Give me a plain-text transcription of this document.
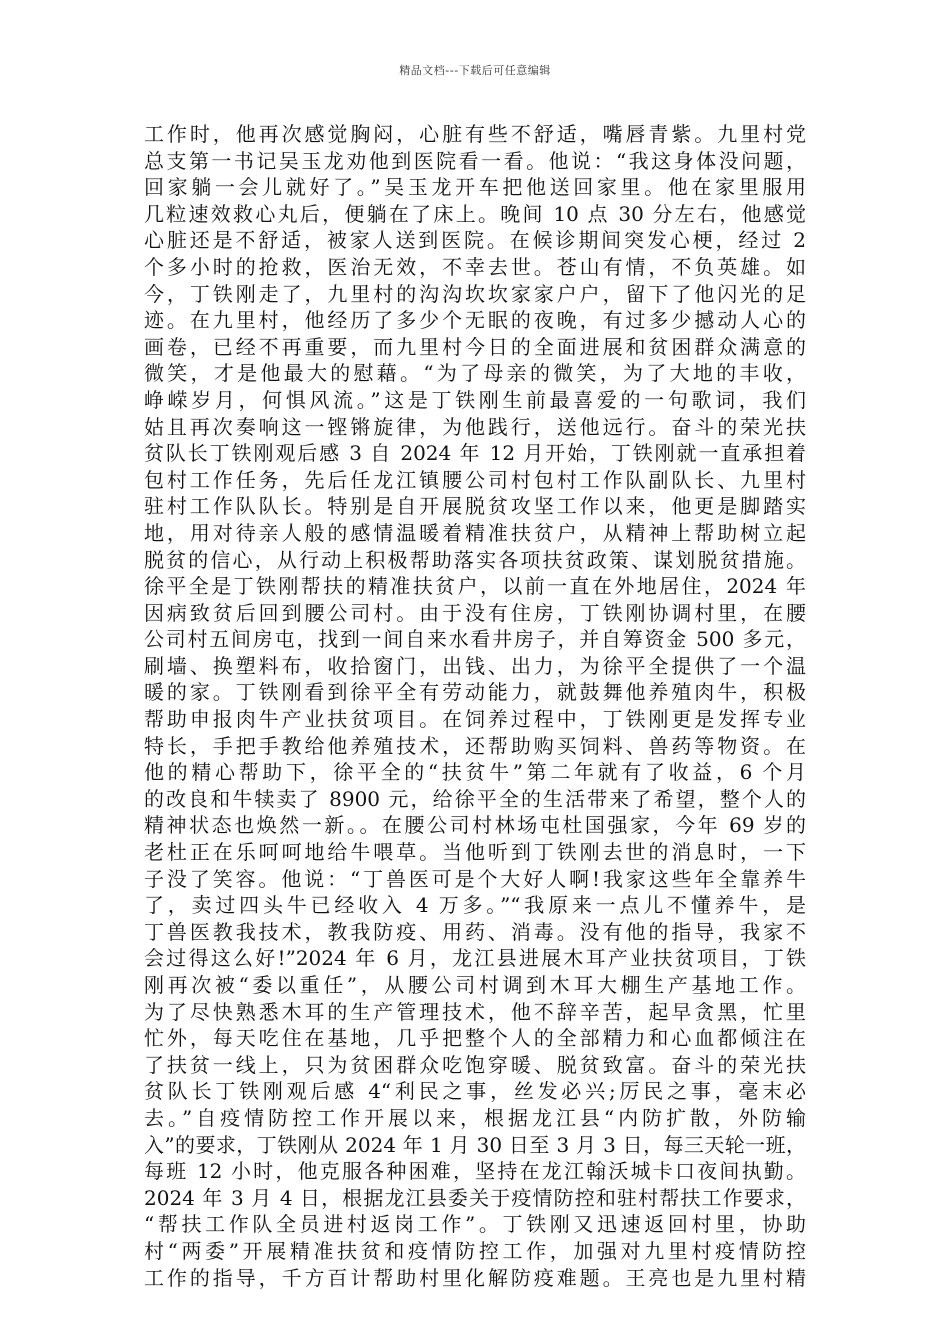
精品文档---下载后可任意编辑
工作时，他再次感觉胸闷，心脏有些不舒适，嘴唇青紫。九里村党
总支第一书记吴玉龙劝他到医院看一看。他说：“我这身体没问题，
回家躺一会儿就好了。”吴玉龙开车把他送回家里。他在家里服用
几粒速效救心丸后，便躺在了床上。晚间 10 点 30 分左右，他感觉
心脏还是不舒适，被家人送到医院。在候诊期间突发心梗，经过 2
个多小时的抢救，医治无效，不幸去世。苍山有情，不负英雄。如
今，丁铁刚走了，九里村的沟沟坎坎家家户户，留下了他闪光的足
迹。在九里村，他经历了多少个无眠的夜晚，有过多少撼动人心的
画卷，已经不再重要，而九里村今日的全面进展和贫困群众满意的
微笑，才是他最大的慰藉。“为了母亲的微笑，为了大地的丰收，
峥嵘岁月，何惧风流。”这是丁铁刚生前最喜爱的一句歌词，我们
姑且再次奏响这一铿锵旋律，为他践行，送他远行。奋斗的荣光扶
贫队长丁铁刚观后感 3 自 2024 年 12 月开始，丁铁刚就一直承担着
包村工作任务，先后任龙江镇腰公司村包村工作队副队长、九里村
驻村工作队队长。特别是自开展脱贫攻坚工作以来，他更是脚踏实
地，用对待亲人般的感情温暖着精准扶贫户，从精神上帮助树立起
脱贫的信心，从行动上积极帮助落实各项扶贫政策、谋划脱贫措施。
徐平全是丁铁刚帮扶的精准扶贫户，以前一直在外地居住，2024 年
因病致贫后回到腰公司村。由于没有住房，丁铁刚协调村里，在腰
公司村五间房屯，找到一间自来水看井房子，并自筹资金 500 多元，
刷墙、换塑料布，收拾窗门，出钱、出力，为徐平全提供了一个温
暖的家。丁铁刚看到徐平全有劳动能力，就鼓舞他养殖肉牛，积极
帮助申报肉牛产业扶贫项目。在饲养过程中，丁铁刚更是发挥专业
特长，手把手教给他养殖技术，还帮助购买饲料、兽药等物资。在
他的精心帮助下，徐平全的“扶贫牛”第二年就有了收益，6 个月
的改良和牛犊卖了 8900 元，给徐平全的生活带来了希望，整个人的
精神状态也焕然一新。。在腰公司村林场屯杜国强家，今年 69 岁的
老杜正在乐呵呵地给牛喂草。当他听到丁铁刚去世的消息时，一下
子没了笑容。他说：“丁兽医可是个大好人啊!我家这些年全靠养牛
了，卖过四头牛已经收入 4 万多。”“我原来一点儿不懂养牛，是
丁兽医教我技术，教我防疫、用药、消毒。没有他的指导，我家不
会过得这么好!”2024 年 6 月，龙江县进展木耳产业扶贫项目，丁铁
刚再次被“委以重任”，从腰公司村调到木耳大棚生产基地工作。
为了尽快熟悉木耳的生产管理技术，他不辞辛苦，起早贪黑，忙里
忙外，每天吃住在基地，几乎把整个人的全部精力和心血都倾注在
了扶贫一线上，只为贫困群众吃饱穿暖、脱贫致富。奋斗的荣光扶
贫队长丁铁刚观后感 4“利民之事，丝发必兴;厉民之事，毫末必
去。”自疫情防控工作开展以来，根据龙江县“内防扩散，外防输
入”的要求，丁铁刚从 2024 年 1 月 30 日至 3 月 3 日，每三天轮一班，
每班 12 小时，他克服各种困难，坚持在龙江翰沃城卡口夜间执勤。
2024 年 3 月 4 日，根据龙江县委关于疫情防控和驻村帮扶工作要求，
“帮扶工作队全员进村返岗工作”。丁铁刚又迅速返回村里，协助
村“两委”开展精准扶贫和疫情防控工作，加强对九里村疫情防控
工作的指导，千方百计帮助村里化解防疫难题。王亮也是九里村精
